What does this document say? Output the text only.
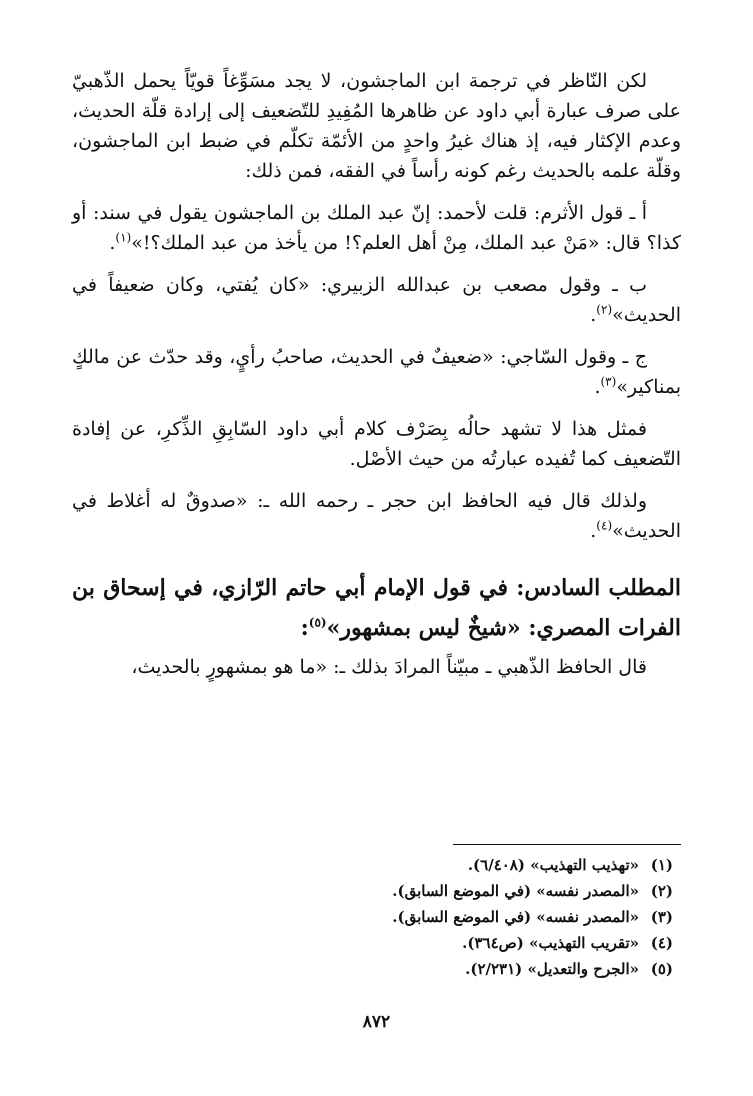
لكن النّاظر في ترجمة ابن الماجشون، لا يجد مسَوِّغاً قويّاً يحمل الذّهبيّ على صرف عبارة أبي داود عن ظاهرها المُفِيدِ للتّضعيف إلى إرادة قلّة الحديث، وعدم الإكثار فيه، إذ هناك غيرُ واحدٍ من الأئمّة تكلّم في ضبط ابن الماجشون، وقلّة علمه بالحديث رغم كونه رأساً في الفقه، فمن ذلك:

أ ـ قول الأثرم: قلت لأحمد: إنّ عبد الملك بن الماجشون يقول في سند: أو كذا؟ قال: «مَنْ عبد الملك، مِنْ أهل العلم؟! من يأخذ من عبد الملك؟!»$^{(١)}$.

ب ـ وقول مصعب بن عبدالله الزبيري: «كان يُفتي، وكان ضعيفاً في الحديث»$^{(٢)}$.

ج ـ وقول السّاجي: «ضعيفٌ في الحديث، صاحبُ رأيٍ، وقد حدّث عن مالكٍ بمناكير»$^{(٣)}$.

فمثل هذا لا تشهد حالُه بِصَرْف كلام أبي داود السّابِقِ الذِّكرِ، عن إفادة التّضعيف كما تُفيده عبارتُه من حيث الأصْل.

ولذلك قال فيه الحافظ ابن حجر ـ رحمه الله ـ: «صدوقٌ له أغلاط في الحديث»$^{(٤)}$.

المطلب السادس: في قول الإمام أبي حاتم الرّازي، في إسحاق بن الفرات المصري: «شيخٌ ليس بمشهور»$^{(٥)}$:

قال الحافظ الذّهبي ـ مبيّناً المرادَ بذلك ـ: «ما هو بمشهورٍ بالحديث،

(١)«تهذيب التهذيب» (٦/٤٠٨).
(٢)«المصدر نفسه» (في الموضع السابق).
(٣)«المصدر نفسه» (في الموضع السابق).
(٤)«تقريب التهذيب» (ص٣٦٤).
(٥)«الجرح والتعديل» (٢/٢٣١).
٨٧٢
